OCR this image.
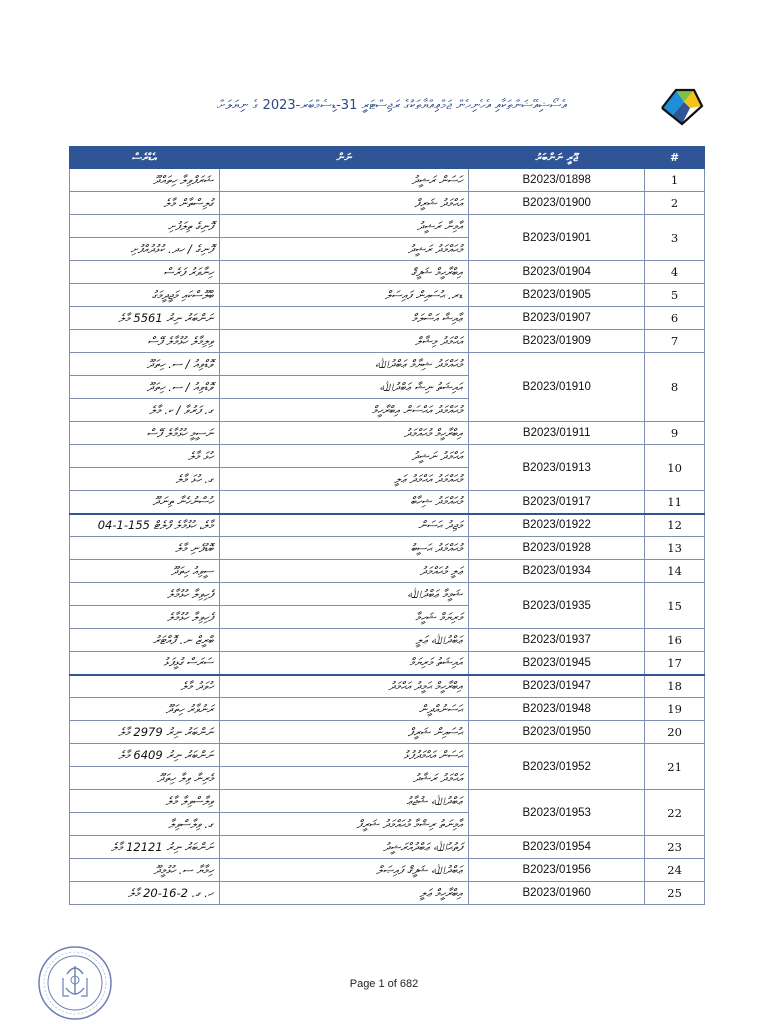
އެސޯޝިއޭޝަންތަކާއި އެހެނިހެން ޖަމްޢިއްޔާތަކުގެ ރަޖިސްޓަރީ 31-ޑިސެމްބަރ-2023 ގެ ނިޔަލަށް
އެޑްރެސް	ނަން	ޖޫރީ ނަންބަރު	#
ޝަރަފްވިލާ ހިތައްދޫ	ހަސަން ރަޝީދު	B2023/01898	1
ގުލިސްތާން މާލެ	އަޙްމަދު ޝަރީފް	B2023/01900	2
ފޮނިގެ ތިލަފުށި	އާމިނާ ރަޝީދު	B2023/01901	3
ފޮނިގެ / ހދ. ކުޅުދުއްފުށި	މުޙައްމަދު ރަޝީދު		
ހިނާވަރު ފަރެސް	އިބްރާހީމް ޝަފީޤް	B2023/01904	4
ބްލޫސްކައި މަޖީދީމަގު	ޑރ. ޙުސައިން ފައިސަލް	B2023/01905	5
ނަންބަރު ނިރު 5561 މާލެ	ޢާއިޝާ އަސްލަމް	B2023/01907	6
ވިލިމާލެ ހުޅުމާލެ ފޭސް	އަޙްމަދު މިޝާލް	B2023/01909	7
ވޮޑްވިއު / ސ. ހިތަދޫ	މުޙައްމަދު ޝިޔާމް ޢަބްދުﷲ	B2023/01910	8
ވޮޑްވިއު / ސ. ހިތަދޫ	އައިޝަތު ނިޝާ ޢަބްދުﷲ		
ގ. ފަރުވާ / ކ. މާލެ	މުޙައްމަދު އަޙްސަން އިބްރާހީމް		
ނަސީމީ ހުޅުމާލެ ފޭސް	އިބްރާހީމް މުޙައްމަދު	B2023/01911	9
ހުޅަ މާލެ	އަޙްމަދު ނަޝީދު	B2023/01913	10
ގ. ހުޅަ މާލެ	މުޙައްމަދު އަޙްމަދު ޢަލީ		
ހުސްނުހެނާ ތިނަދޫ	މުޙައްމަދު ޝިހާބް	B2023/01917	11
މާލެ، ހުޅުމާލެ ފްލެޓް 155-1-04	މަޖިދު ޙަސަން	B2023/01922	12
ބޮޑުފެނި މާލެ	މުޙައްމަދު ޙަސީބު	B2023/01928	13
ސީވިއު ހިތަދޫ	ޢަލީ މުޙައްމަދު	B2023/01934	14
ފެހިވިލާ ހުޅުމާލެ	ޝަމީމާ ޢަބްދުﷲ	B2023/01935	15
ފެހިވިލާ ހުޅުމާލެ	މަރިޔަމް ޝަހީމާ		
ބްރީޒް ނ. ފޮއްޓަރު	ޢަބްދުﷲ ޢަލީ	B2023/01937	16
ސަރަސް ގުޅީފަޅު	އައިޝަތު މަރިޔަމް	B2023/01945	17
ހުވަދު މާލެ	އިބްރާހީމް ޙަމީދު އަޙްމަދު	B2023/01947	18
ރަނުވާރު ހިތަދޫ	ޙަސަނުއްދީން	B2023/01948	19
ނަންބަރު ނިރު 2979 މާލެ	ޙުސައިން ޝަރީފް	B2023/01950	20
ނަންބަރު ނިރު 6409 މާލެ	ޙަސަން އަޙްމަދުފުޅު	B2023/01952	21
މެރިނާ ވިލާ ހިތަދޫ	އަޙްމަދު ރަޝާދު		
ވިލާސްވިލާ މާލެ	ޢަބްދުﷲ ޝުޖާޢު	B2023/01953	22
ގ. ވިލާސްވިލާ	އާމިނަތު ރިޝްމާ މުޙައްމަދު ޝަރީފް		
ނަންބަރު ނިރު 12121 މާލެ	ފަތުޙުﷲ ޢަބްދުއްރަޝީދު	B2023/01954	23
ހިމާޔާ ސ. ހުޅުމީދޫ	ޢަބްދުﷲ ޝަފީޤް ފައިޞަލް	B2023/01956	24
ހ. ގ. 2-16-20 މާލެ	އިބްރާހީމް ޢަލީ	B2023/01960	25
Page 1 of 682
